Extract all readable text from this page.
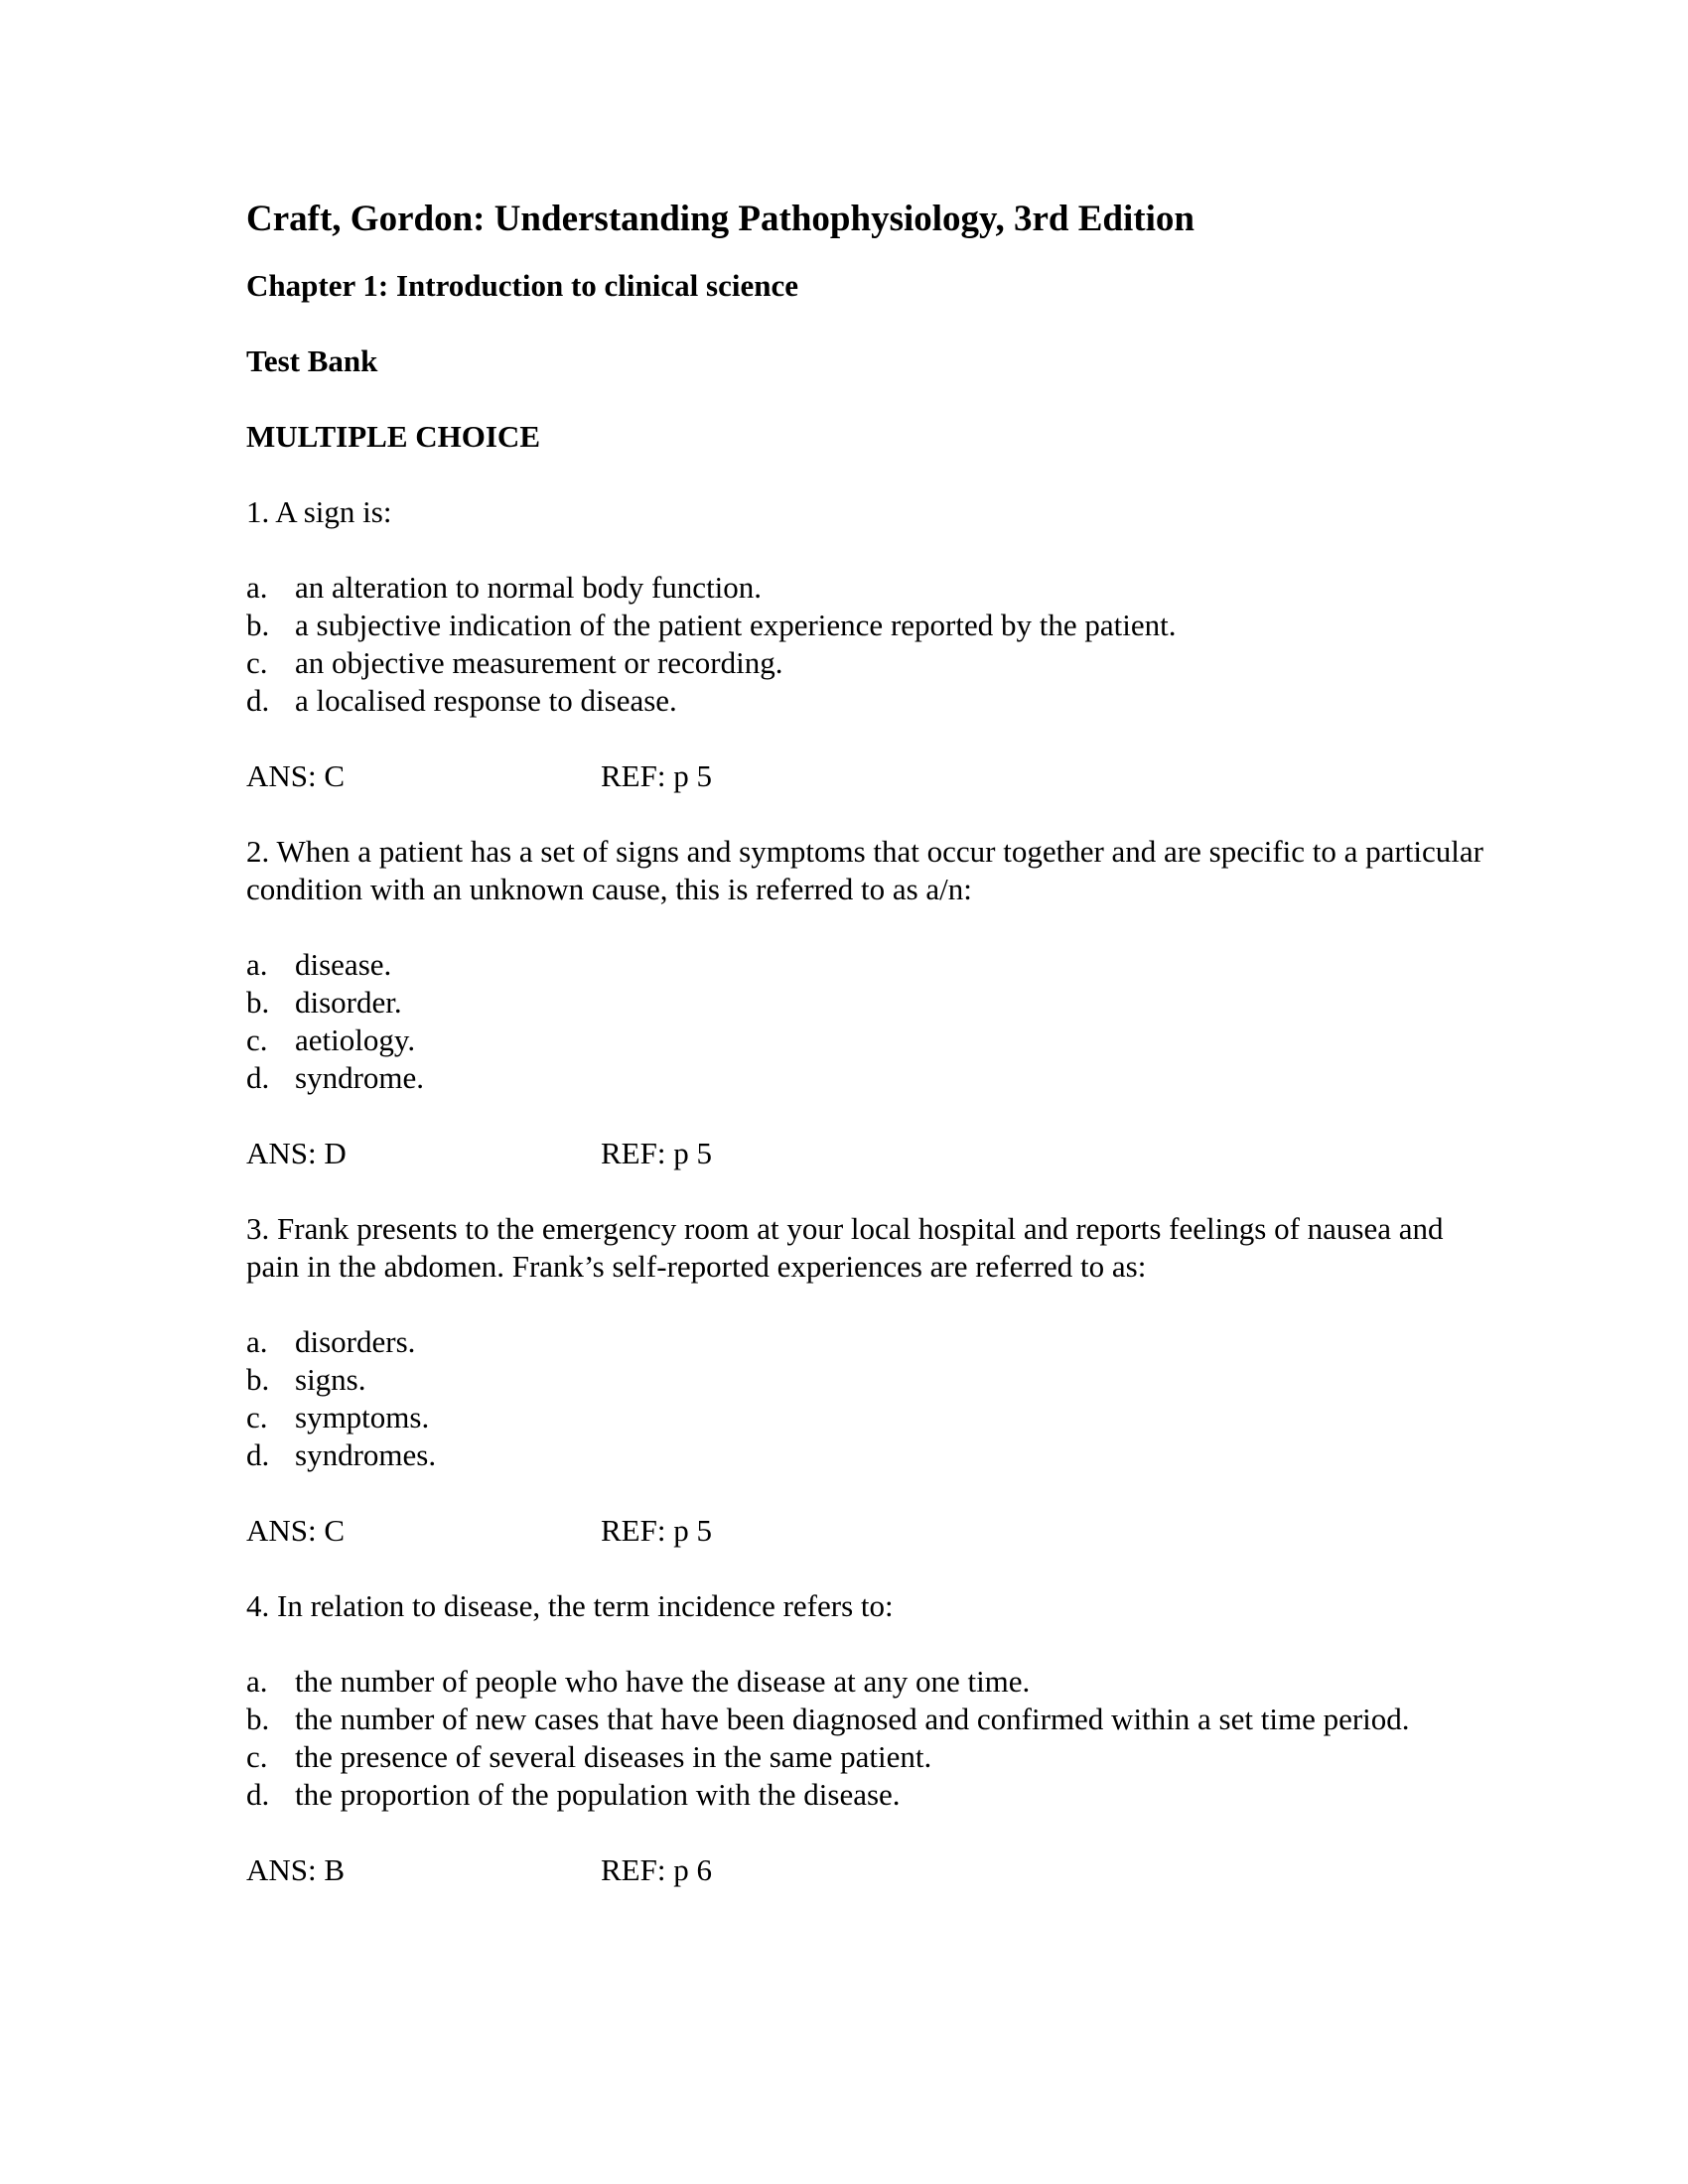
Craft, Gordon: Understanding Pathophysiology, 3rd Edition
Chapter 1: Introduction to clinical science
Test Bank
MULTIPLE CHOICE
1. A sign is:
a. an alteration to normal body function.
b. a subjective indication of the patient experience reported by the patient.
c. an objective measurement or recording.
d. a localised response to disease.
ANS: C	REF: p 5
2. When a patient has a set of signs and symptoms that occur together and are specific to a particular condition with an unknown cause, this is referred to as a/n:
a. disease.
b. disorder.
c. aetiology.
d. syndrome.
ANS: D	REF: p 5
3. Frank presents to the emergency room at your local hospital and reports feelings of nausea and pain in the abdomen. Frank’s self-reported experiences are referred to as:
a. disorders.
b. signs.
c. symptoms.
d. syndromes.
ANS: C	REF: p 5
4. In relation to disease, the term incidence refers to:
a. the number of people who have the disease at any one time.
b. the number of new cases that have been diagnosed and confirmed within a set time period.
c. the presence of several diseases in the same patient.
d. the proportion of the population with the disease.
ANS: B	REF: p 6
